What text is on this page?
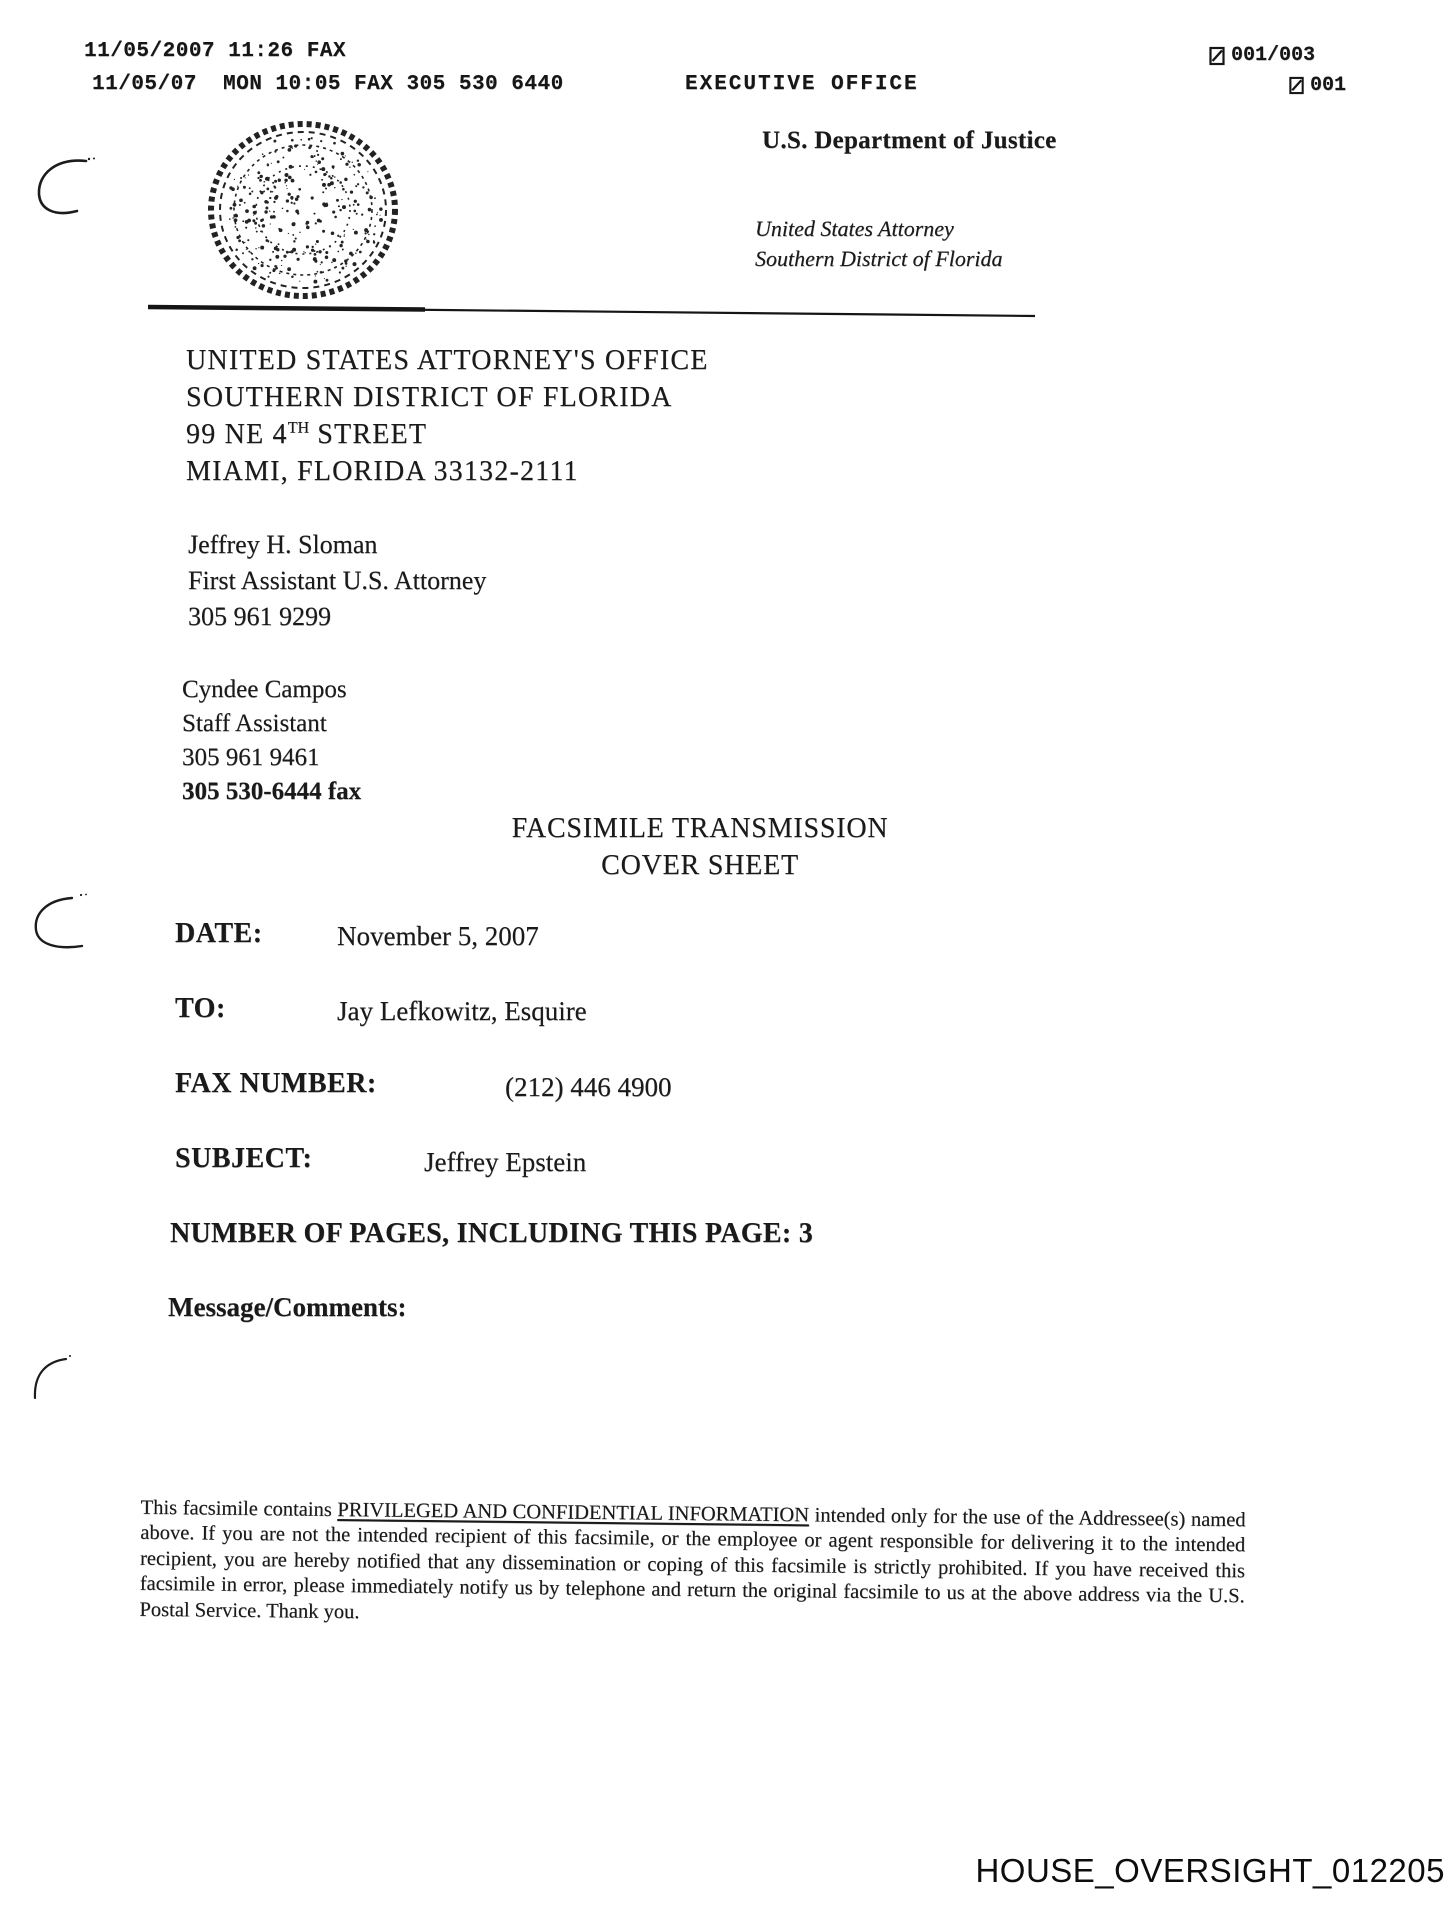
11/05/2007 11:26 FAX
11/05/07  MON 10:05 FAX 305 530 6440	EXECUTIVE OFFICE
001/003
001
U.S. Department of Justice
United States Attorney
Southern District of Florida
UNITED STATES ATTORNEY'S OFFICE
SOUTHERN DISTRICT OF FLORIDA
99 NE 4TH STREET
MIAMI, FLORIDA 33132-2111
Jeffrey H. Sloman
First Assistant U.S. Attorney
305 961 9299
Cyndee Campos
Staff Assistant
305 961 9461
305 530-6444 fax
FACSIMILE TRANSMISSION
COVER SHEET
DATE:	November 5, 2007
TO:	Jay Lefkowitz, Esquire
FAX NUMBER:	(212) 446 4900
SUBJECT:	Jeffrey Epstein
NUMBER OF PAGES, INCLUDING THIS PAGE: 3
Message/Comments:

This facsimile contains PRIVILEGED AND CONFIDENTIAL INFORMATION intended only for the use of the Addressee(s) named above. If you are not the intended recipient of this facsimile, or the employee or agent responsible for delivering it to the intended recipient, you are hereby notified that any dissemination or coping of this facsimile is strictly prohibited. If you have received this facsimile in error, please immediately notify us by telephone and return the original facsimile to us at the above address via the U.S. Postal Service. Thank you.

HOUSE_OVERSIGHT_012205
